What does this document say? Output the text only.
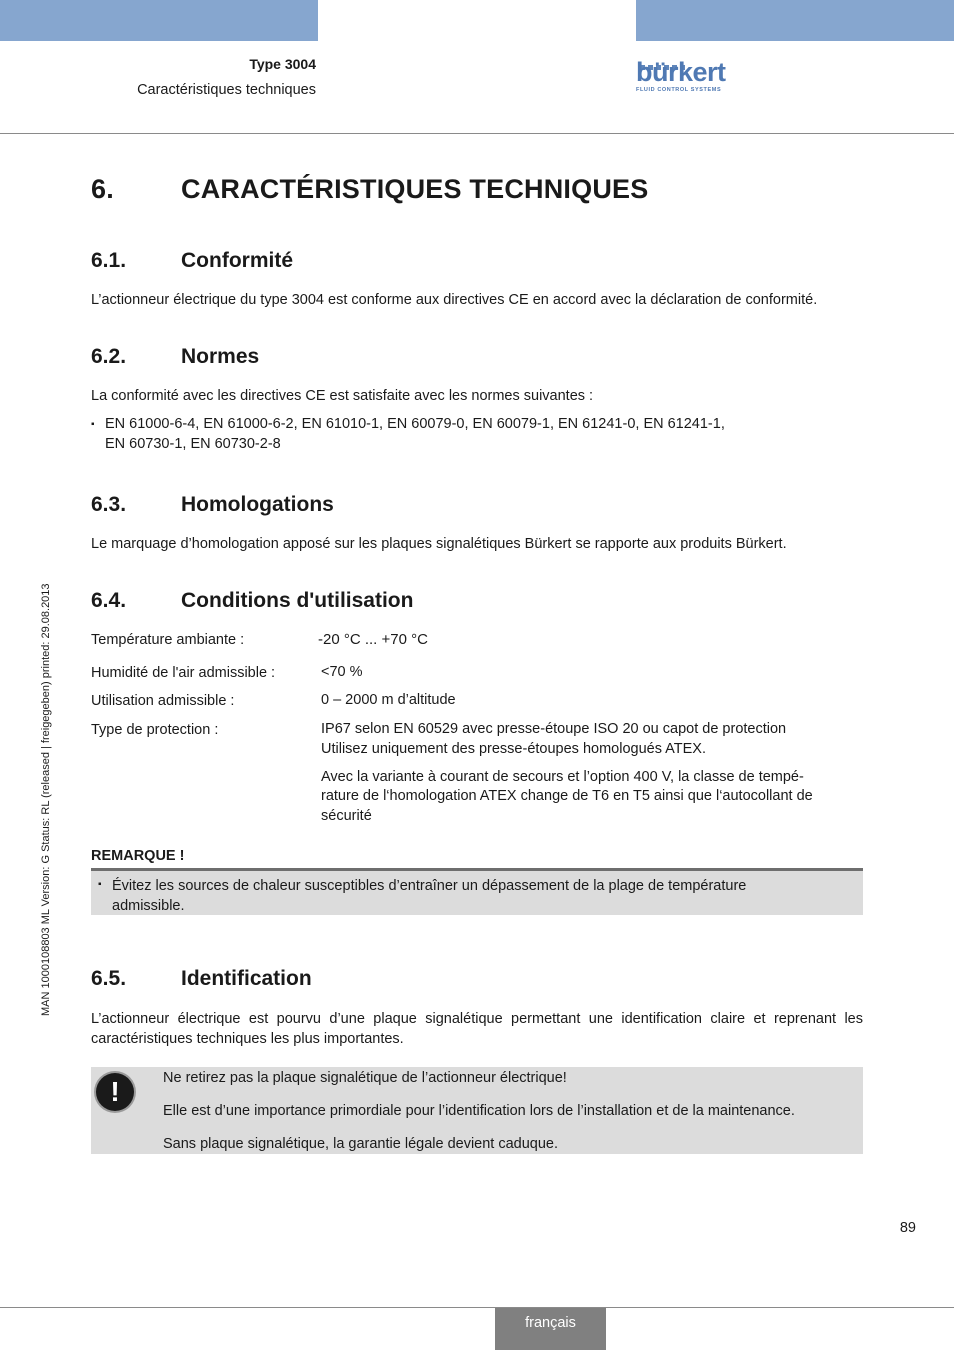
Type 3004
Caractéristiques techniques
bürkert
FLUID CONTROL SYSTEMS
MAN 1000108803 ML Version: G Status: RL (released | freigegeben) printed: 29.08.2013
6. CARACTÉRISTIQUES TECHNIQUES
6.1.	Conformité
L’actionneur électrique du type 3004 est conforme aux directives CE en accord avec la déclaration de conformité.
6.2.	Normes
La conformité avec les directives CE est satisfaite avec les normes suivantes :
▪ EN 61000-6-4, EN 61000-6-2, EN 61010-1, EN 60079-0, EN 60079-1, EN 61241-0, EN 61241-1,
EN 60730-1, EN 60730-2-8
6.3.	Homologations
Le marquage d’homologation apposé sur les plaques signalétiques Bürkert se rapporte aux produits Bürkert.
6.4.	Conditions d'utilisation
Température ambiante :	-20 °C ... +70 °C
Humidité de l'air admissible :	<70 %
Utilisation admissible :	0 – 2000 m d’altitude
Type de protection :	IP67 selon EN 60529 avec presse-étoupe ISO 20 ou capot de protection
Utilisez uniquement des presse-étoupes homologués ATEX.
Avec la variante à courant de secours et l’option 400 V, la classe de tempé-
rature de l‘homologation ATEX change de T6 en T5 ainsi que l‘autocollant de
sécurité
REMARQUE !
▪ Évitez les sources de chaleur susceptibles d’entraîner un dépassement de la plage de température
admissible.
6.5.	Identification
L’actionneur électrique est pourvu d’une plaque signalétique permettant une identification claire et reprenant les caractéristiques techniques les plus importantes.
!	Ne retirez pas la plaque signalétique de l’actionneur électrique!
Elle est d’une importance primordiale pour l’identification lors de l’installation et de la maintenance.
Sans plaque signalétique, la garantie légale devient caduque.
89
français
